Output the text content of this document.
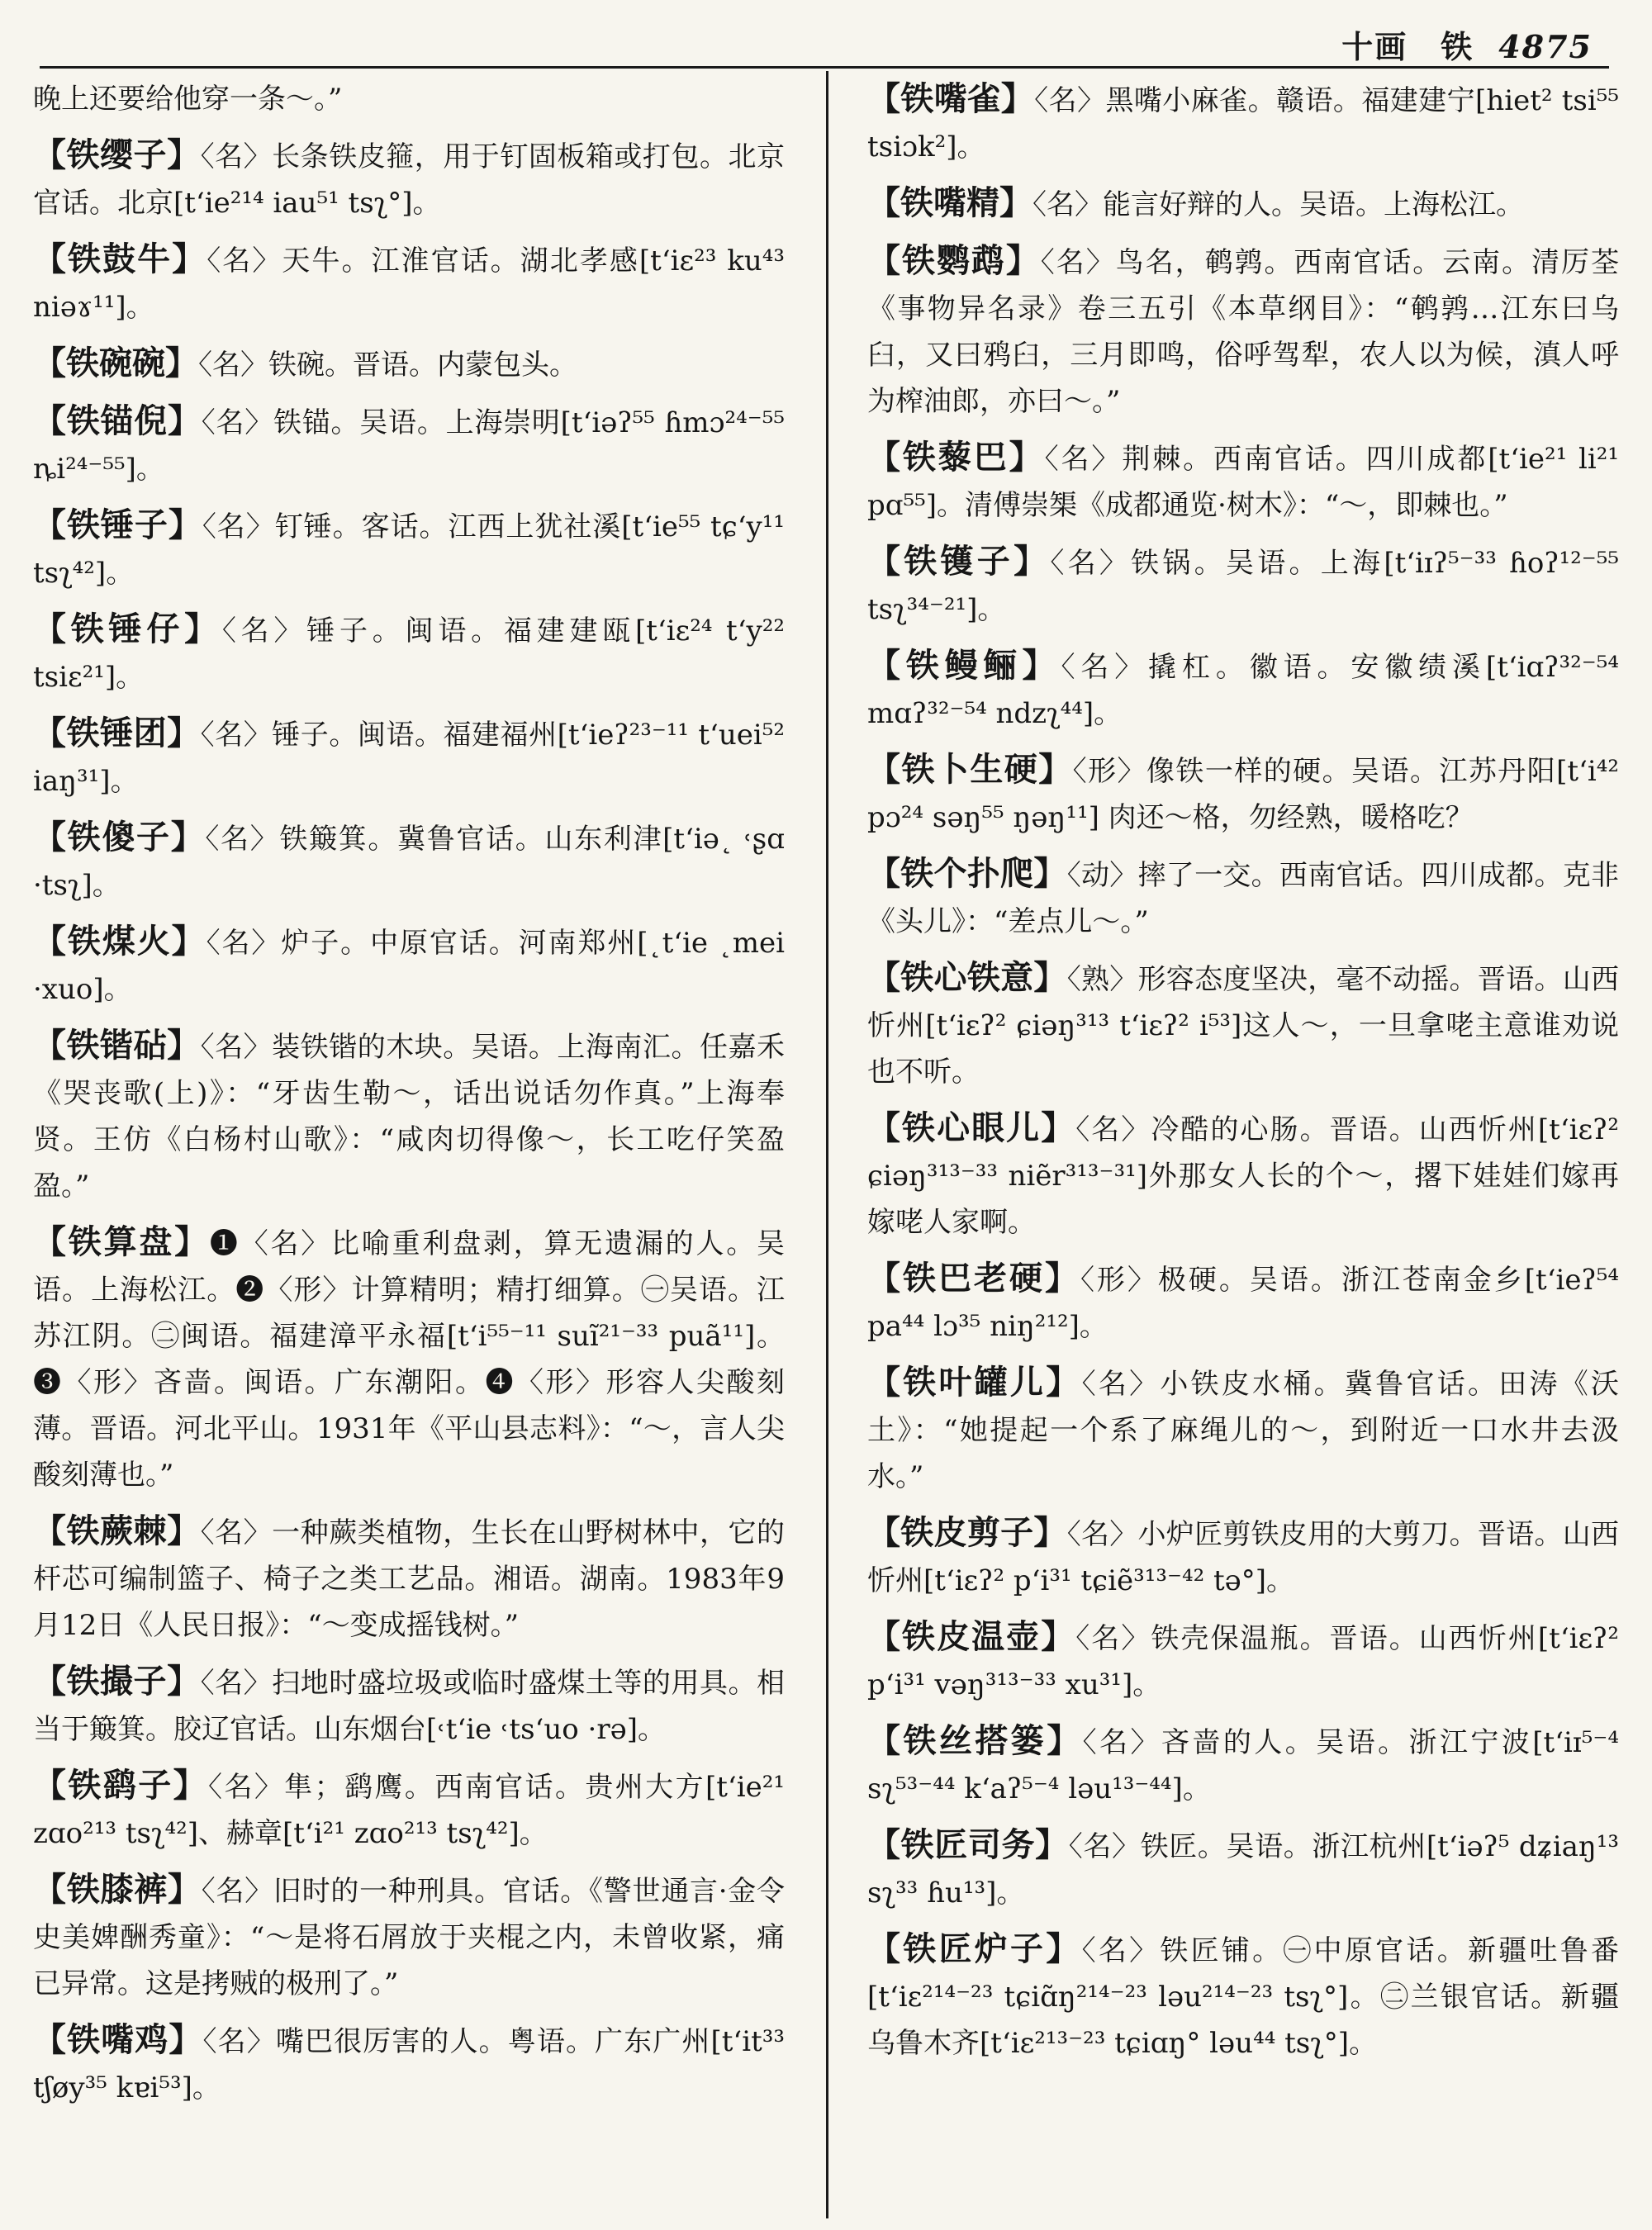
十画　铁 4875

晚上还要给他穿一条～。”

【铁缨子】〈名〉长条铁皮箍，用于钉固板箱或打包。北京官话。北京[tʻie²¹⁴ iau⁵¹ tsʅ°]。

【铁鼓牛】〈名〉天牛。江淮官话。湖北孝感[tʻiɛ²³ ku⁴³ niəɤ¹¹]。

【铁碗碗】〈名〉铁碗。晋语。内蒙包头。

【铁锚倪】〈名〉铁锚。吴语。上海崇明[tʻiəʔ⁵⁵ ɦmɔ²⁴⁻⁵⁵ ȵi²⁴⁻⁵⁵]。

【铁锤子】〈名〉钉锤。客话。江西上犹社溪[tʻie⁵⁵ tɕʻy¹¹ tsʅ⁴²]。

【铁锤仔】〈名〉锤子。闽语。福建建瓯[tʻiɛ²⁴ tʻy²² tsiɛ²¹]。

【铁锤团】〈名〉锤子。闽语。福建福州[tʻieʔ²³⁻¹¹ tʻuei⁵² iaŋ³¹]。

【铁傻子】〈名〉铁簸箕。冀鲁官话。山东利津[tʻiə˛ ˓ʂɑ ·tsʅ]。

【铁煤火】〈名〉炉子。中原官话。河南郑州[˛tʻie ˛mei ·xuo]。

【铁锴砧】〈名〉装铁锴的木块。吴语。上海南汇。任嘉禾《哭丧歌(上)》：“牙齿生勒～，话出说话勿作真。”上海奉贤。王仿《白杨村山歌》：“咸肉切得像～，长工吃仔笑盈盈。”

【铁算盘】❶〈名〉比喻重利盘剥，算无遗漏的人。吴语。上海松江。❷〈形〉计算精明；精打细算。㊀吴语。江苏江阴。㊁闽语。福建漳平永福[tʻi⁵⁵⁻¹¹ suĩ²¹⁻³³ puã¹¹]。❸〈形〉吝啬。闽语。广东潮阳。❹〈形〉形容人尖酸刻薄。晋语。河北平山。1931年《平山县志料》：“～，言人尖酸刻薄也。”

【铁蕨棘】〈名〉一种蕨类植物，生长在山野树林中，它的杆芯可编制篮子、椅子之类工艺品。湘语。湖南。1983年9月12日《人民日报》：“～变成摇钱树。”

【铁撮子】〈名〉扫地时盛垃圾或临时盛煤土等的用具。相当于簸箕。胶辽官话。山东烟台[˓tʻie ˓tsʻuo ·rə]。

【铁鹞子】〈名〉隼；鹞鹰。西南官话。贵州大方[tʻie²¹ zɑo²¹³ tsʅ⁴²]、赫章[tʻi²¹ zɑo²¹³ tsʅ⁴²]。

【铁膝裤】〈名〉旧时的一种刑具。官话。《警世通言·金令史美婢酬秀童》：“～是将石屑放于夹棍之内，未曾收紧，痛已异常。这是拷贼的极刑了。”

【铁嘴鸡】〈名〉嘴巴很厉害的人。粤语。广东广州[tʻit³³ tʃøy³⁵ kɐi⁵³]。

【铁嘴雀】〈名〉黑嘴小麻雀。赣语。福建建宁[hiet² tsi⁵⁵ tsiɔk²]。

【铁嘴精】〈名〉能言好辩的人。吴语。上海松江。

【铁鹦鹉】〈名〉鸟名，鹌鹑。西南官话。云南。清厉荃《事物异名录》卷三五引《本草纲目》：“鹌鹑…江东曰乌臼，又曰鸦臼，三月即鸣，俗呼驾犁，农人以为候，滇人呼为榨油郎，亦曰～。”

【铁藜巴】〈名〉荆棘。西南官话。四川成都[tʻie²¹ li²¹ pɑ⁵⁵]。清傅崇榘《成都通览·树木》：“～，即棘也。”

【铁镬子】〈名〉铁锅。吴语。上海[tʻiɪʔ⁵⁻³³ ɦoʔ¹²⁻⁵⁵ tsʅ³⁴⁻²¹]。

【铁鳗鲡】〈名〉撬杠。徽语。安徽绩溪[tʻiɑʔ³²⁻⁵⁴ mɑʔ³²⁻⁵⁴ ndzʅ⁴⁴]。

【铁卜生硬】〈形〉像铁一样的硬。吴语。江苏丹阳[tʻi⁴² pɔ²⁴ səŋ⁵⁵ ŋəŋ¹¹] 肉还～格，勿经熟，暖格吃？

【铁个扑爬】〈动〉摔了一交。西南官话。四川成都。克非《头儿》：“差点儿～。”

【铁心铁意】〈熟〉形容态度坚决，毫不动摇。晋语。山西忻州[tʻiɛʔ² ɕiəŋ³¹³ tʻiɛʔ² i⁵³]这人～，一旦拿咾主意谁劝说也不听。

【铁心眼儿】〈名〉冷酷的心肠。晋语。山西忻州[tʻiɛʔ² ɕiəŋ³¹³⁻³³ niẽr³¹³⁻³¹]外那女人长的个～，撂下娃娃们嫁再嫁咾人家啊。

【铁巴老硬】〈形〉极硬。吴语。浙江苍南金乡[tʻieʔ⁵⁴ pa⁴⁴ lɔ³⁵ niŋ²¹²]。

【铁叶罐儿】〈名〉小铁皮水桶。冀鲁官话。田涛《沃土》：“她提起一个系了麻绳儿的～，到附近一口水井去汲水。”

【铁皮剪子】〈名〉小炉匠剪铁皮用的大剪刀。晋语。山西忻州[tʻiɛʔ² pʻi³¹ tɕiẽ³¹³⁻⁴² tə°]。

【铁皮温壶】〈名〉铁壳保温瓶。晋语。山西忻州[tʻiɛʔ² pʻi³¹ vəŋ³¹³⁻³³ xu³¹]。

【铁丝搭篓】〈名〉吝啬的人。吴语。浙江宁波[tʻiɪ⁵⁻⁴ sʅ⁵³⁻⁴⁴ kʻaʔ⁵⁻⁴ ləu¹³⁻⁴⁴]。

【铁匠司务】〈名〉铁匠。吴语。浙江杭州[tʻiəʔ⁵ dʑiaŋ¹³ sʅ³³ ɦu¹³]。

【铁匠炉子】〈名〉铁匠铺。㊀中原官话。新疆吐鲁番[tʻiɛ²¹⁴⁻²³ tɕiɑ̃ŋ²¹⁴⁻²³ ləu²¹⁴⁻²³ tsʅ°]。㊁兰银官话。新疆乌鲁木齐[tʻiɛ²¹³⁻²³ tɕiɑŋ° ləu⁴⁴ tsʅ°]。
